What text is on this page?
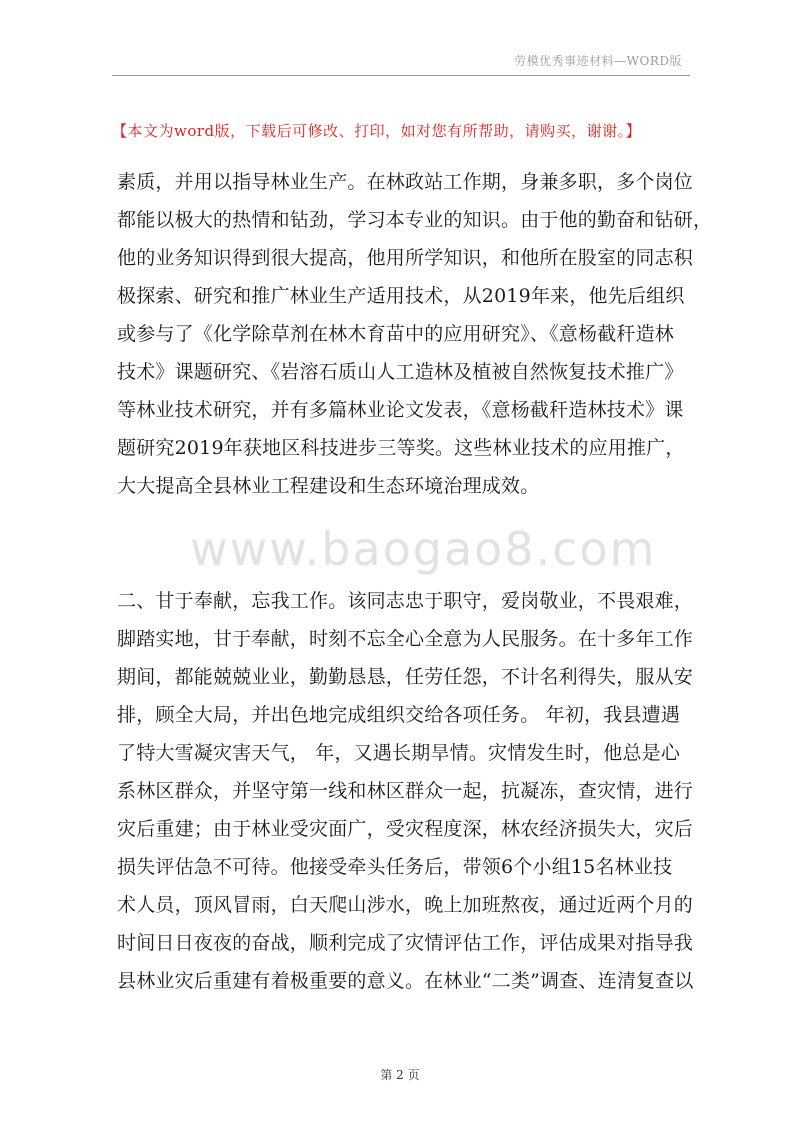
劳模优秀事迹材料—WORD版
【本文为word版，下载后可修改、打印，如对您有所帮助，请购买，谢谢。】
素质，并用以指导林业生产。在林政站工作期，身兼多职，多个岗位
都能以极大的热情和钻劲，学习本专业的知识。由于他的勤奋和钻研，
他的业务知识得到很大提高，他用所学知识，和他所在股室的同志积
极探索、研究和推广林业生产适用技术，从2019年来，他先后组织
或参与了《化学除草剂在林木育苗中的应用研究》、《意杨截秆造林
技术》课题研究、《岩溶石质山人工造林及植被自然恢复技术推广》
等林业技术研究，并有多篇林业论文发表，《意杨截秆造林技术》课
题研究2019年获地区科技进步三等奖。这些林业技术的应用推广，
大大提高全县林业工程建设和生态环境治理成效。
www.baogao8.com
二、甘于奉献，忘我工作。该同志忠于职守，爱岗敬业，不畏艰难，
脚踏实地，甘于奉献，时刻不忘全心全意为人民服务。在十多年工作
期间，都能兢兢业业，勤勤恳恳，任劳任怨，不计名利得失，服从安
排，顾全大局，并出色地完成组织交给各项任务。 年初，我县遭遇
了特大雪凝灾害天气， 年，又遇长期旱情。灾情发生时，他总是心
系林区群众，并坚守第一线和林区群众一起，抗凝冻，查灾情，进行
灾后重建；由于林业受灾面广，受灾程度深，林农经济损失大，灾后
损失评估急不可待。他接受牵头任务后，带领6个小组15名林业技
术人员，顶风冒雨，白天爬山涉水，晚上加班熬夜，通过近两个月的
时间日日夜夜的奋战，顺利完成了灾情评估工作，评估成果对指导我
县林业灾后重建有着极重要的意义。在林业“二类”调查、连清复查以
第 2 页
